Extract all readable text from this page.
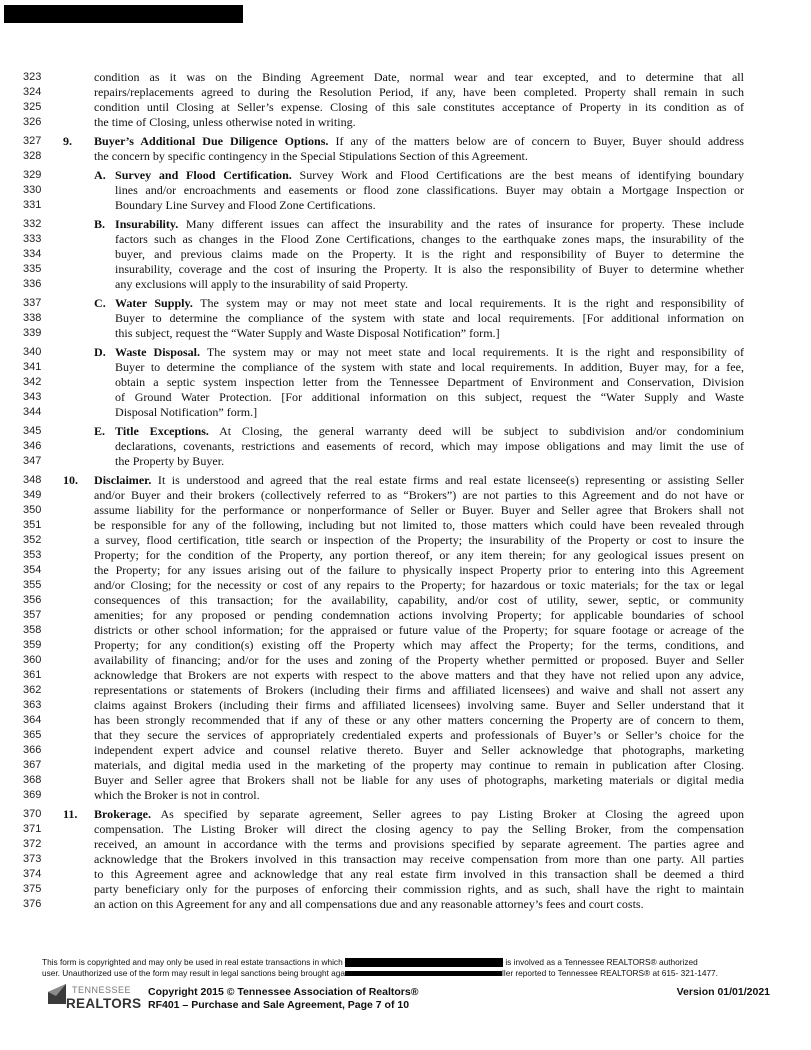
323	condition as it was on the Binding Agreement Date, normal wear and tear excepted, and to determine that all
324	repairs/replacements agreed to during the Resolution Period, if any, have been completed. Property shall remain in such
325	condition until Closing at Seller’s expense. Closing of this sale constitutes acceptance of Property in its condition as of
326	the time of Closing, unless otherwise noted in writing.
327	9. Buyer’s Additional Due Diligence Options. If any of the matters below are of concern to Buyer, Buyer should address
328	the concern by specific contingency in the Special Stipulations Section of this Agreement.
329	A. Survey and Flood Certification. Survey Work and Flood Certifications are the best means of identifying boundary
330	lines and/or encroachments and easements or flood zone classifications. Buyer may obtain a Mortgage Inspection or
331	Boundary Line Survey and Flood Zone Certifications.
332	B. Insurability. Many different issues can affect the insurability and the rates of insurance for property. These include
333	factors such as changes in the Flood Zone Certifications, changes to the earthquake zones maps, the insurability of the
334	buyer, and previous claims made on the Property. It is the right and responsibility of Buyer to determine the
335	insurability, coverage and the cost of insuring the Property. It is also the responsibility of Buyer to determine whether
336	any exclusions will apply to the insurability of said Property.
337	C. Water Supply. The system may or may not meet state and local requirements. It is the right and responsibility of
338	Buyer to determine the compliance of the system with state and local requirements. [For additional information on
339	this subject, request the “Water Supply and Waste Disposal Notification” form.]
340	D. Waste Disposal. The system may or may not meet state and local requirements. It is the right and responsibility of
341	Buyer to determine the compliance of the system with state and local requirements. In addition, Buyer may, for a fee,
342	obtain a septic system inspection letter from the Tennessee Department of Environment and Conservation, Division
343	of Ground Water Protection. [For additional information on this subject, request the “Water Supply and Waste
344	Disposal Notification” form.]
345	E. Title Exceptions. At Closing, the general warranty deed will be subject to subdivision and/or condominium
346	declarations, covenants, restrictions and easements of record, which may impose obligations and may limit the use of
347	the Property by Buyer.
348	10. Disclaimer. It is understood and agreed that the real estate firms and real estate licensee(s) representing or assisting Seller
349	and/or Buyer and their brokers (collectively referred to as “Brokers”) are not parties to this Agreement and do not have or
350	assume liability for the performance or nonperformance of Seller or Buyer. Buyer and Seller agree that Brokers shall not
351	be responsible for any of the following, including but not limited to, those matters which could have been revealed through
352	a survey, flood certification, title search or inspection of the Property; the insurability of the Property or cost to insure the
353	Property; for the condition of the Property, any portion thereof, or any item therein; for any geological issues present on
354	the Property; for any issues arising out of the failure to physically inspect Property prior to entering into this Agreement
355	and/or Closing; for the necessity or cost of any repairs to the Property; for hazardous or toxic materials; for the tax or legal
356	consequences of this transaction; for the availability, capability, and/or cost of utility, sewer, septic, or community
357	amenities; for any proposed or pending condemnation actions involving Property; for applicable boundaries of school
358	districts or other school information; for the appraised or future value of the Property; for square footage or acreage of the
359	Property; for any condition(s) existing off the Property which may affect the Property; for the terms, conditions, and
360	availability of financing; and/or for the uses and zoning of the Property whether permitted or proposed. Buyer and Seller
361	acknowledge that Brokers are not experts with respect to the above matters and that they have not relied upon any advice,
362	representations or statements of Brokers (including their firms and affiliated licensees) and waive and shall not assert any
363	claims against Brokers (including their firms and affiliated licensees) involving same. Buyer and Seller understand that it
364	has been strongly recommended that if any of these or any other matters concerning the Property are of concern to them,
365	that they secure the services of appropriately credentialed experts and professionals of Buyer’s or Seller’s choice for the
366	independent expert advice and counsel relative thereto. Buyer and Seller acknowledge that photographs, marketing
367	materials, and digital media used in the marketing of the property may continue to remain in publication after Closing.
368	Buyer and Seller agree that Brokers shall not be liable for any uses of photographs, marketing materials or digital media
369	which the Broker is not in control.
370	11. Brokerage. As specified by separate agreement, Seller agrees to pay Listing Broker at Closing the agreed upon
371	compensation. The Listing Broker will direct the closing agency to pay the Selling Broker, from the compensation
372	received, an amount in accordance with the terms and provisions specified by separate agreement. The parties agree and
373	acknowledge that the Brokers involved in this transaction may receive compensation from more than one party. All parties
374	to this Agreement agree and acknowledge that any real estate firm involved in this transaction shall be deemed a third
375	party beneficiary only for the purposes of enforcing their commission rights, and as such, shall have the right to maintain
376	an action on this Agreement for any and all compensations due and any reasonable attorney’s fees and court costs.
This form is copyrighted and may only be used in real estate transactions in which	is involved as a Tennessee REALTORS® authorized
user. Unauthorized use of the form may result in legal sanctions being brought aga	ller reported to Tennessee REALTORS® at 615- 321-1477.
TENNESSEE
REALTORS
Copyright 2015 © Tennessee Association of Realtors®
RF401 – Purchase and Sale Agreement, Page 7 of 10
Version 01/01/2021
